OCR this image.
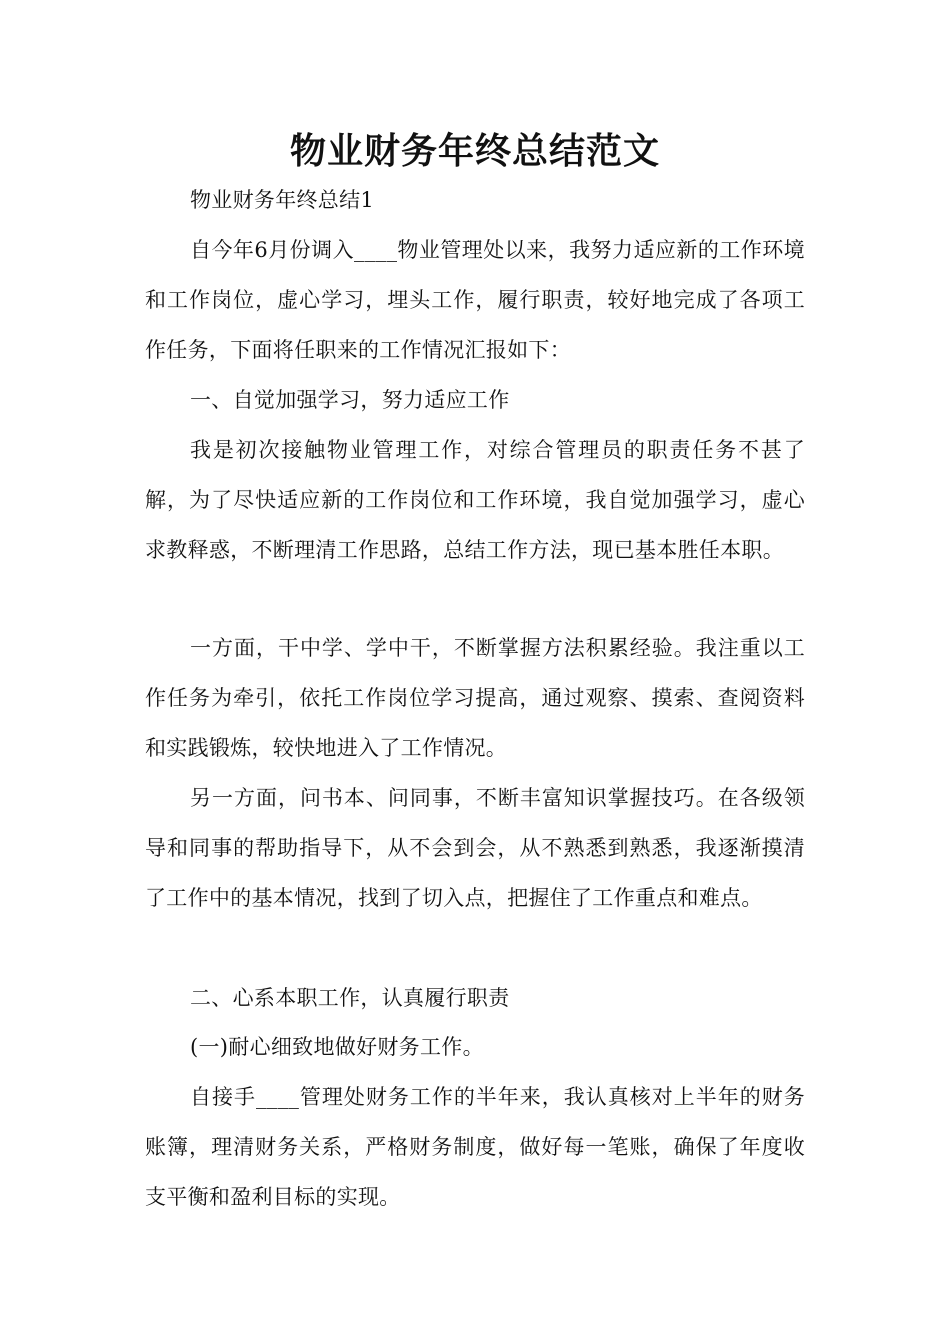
物业财务年终总结范文

物业财务年终总结1

自今年6月份调入____物业管理处以来，我努力适应新的工作环境和工作岗位，虚心学习，埋头工作，履行职责，较好地完成了各项工作任务，下面将任职来的工作情况汇报如下：

一、自觉加强学习，努力适应工作

我是初次接触物业管理工作，对综合管理员的职责任务不甚了解，为了尽快适应新的工作岗位和工作环境，我自觉加强学习，虚心求教释惑，不断理清工作思路，总结工作方法，现已基本胜任本职。

一方面，干中学、学中干，不断掌握方法积累经验。我注重以工作任务为牵引，依托工作岗位学习提高，通过观察、摸索、查阅资料和实践锻炼，较快地进入了工作情况。

另一方面，问书本、问同事，不断丰富知识掌握技巧。在各级领导和同事的帮助指导下，从不会到会，从不熟悉到熟悉，我逐渐摸清了工作中的基本情况，找到了切入点，把握住了工作重点和难点。

二、心系本职工作，认真履行职责

(一)耐心细致地做好财务工作。

自接手____管理处财务工作的半年来，我认真核对上半年的财务账簿，理清财务关系，严格财务制度，做好每一笔账，确保了年度收支平衡和盈利目标的实现。
